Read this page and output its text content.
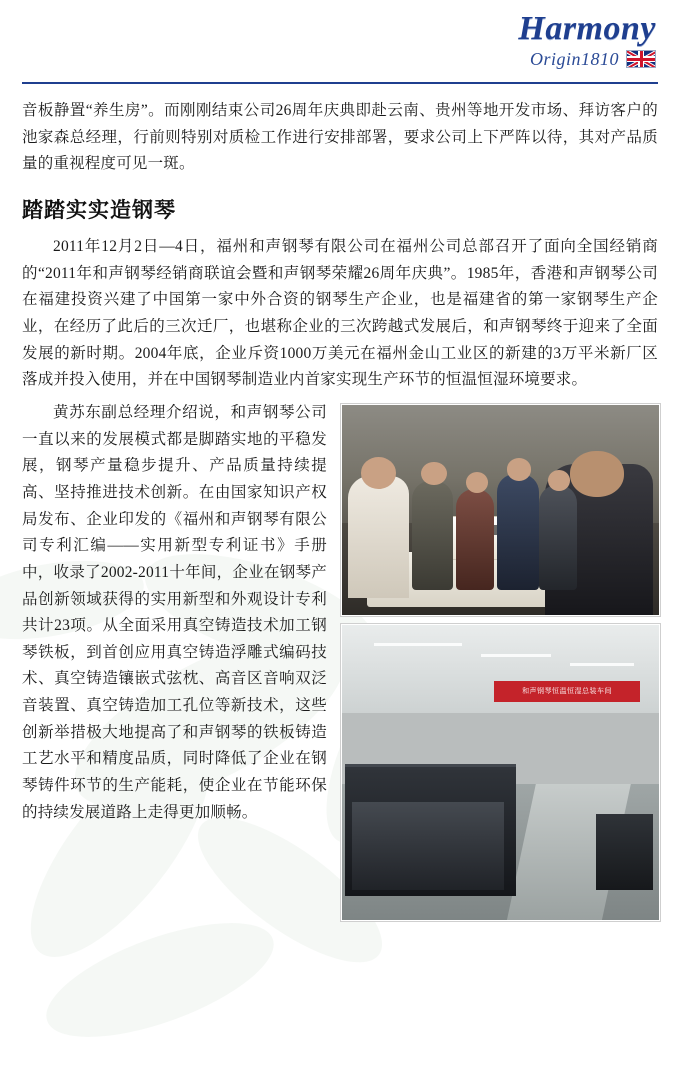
Harmony
Origin1810

音板静置“养生房”。而刚刚结束公司26周年庆典即赴云南、贵州等地开发市场、拜访客户的池家森总经理，行前则特别对质检工作进行安排部署，要求公司上下严阵以待，其对产品质量的重视程度可见一斑。

踏踏实实造钢琴

2011年12月2日—4日，福州和声钢琴有限公司在福州公司总部召开了面向全国经销商的“2011年和声钢琴经销商联谊会暨和声钢琴荣耀26周年庆典”。1985年，香港和声钢琴公司在福建投资兴建了中国第一家中外合资的钢琴生产企业，也是福建省的第一家钢琴生产企业，在经历了此后的三次迁厂，也堪称企业的三次跨越式发展后，和声钢琴终于迎来了全面发展的新时期。2004年底，企业斥资1000万美元在福州金山工业区的新建的3万平米新厂区落成并投入使用，并在中国钢琴制造业内首家实现生产环节的恒温恒湿环境要求。

和声钢琴恒温恒湿总装车间

黄苏东副总经理介绍说，和声钢琴公司一直以来的发展模式都是脚踏实地的平稳发展，钢琴产量稳步提升、产品质量持续提高、坚持推进技术创新。在由国家知识产权局发布、企业印发的《福州和声钢琴有限公司专利汇编——实用新型专利证书》手册中，收录了2002-2011十年间，企业在钢琴产品创新领域获得的实用新型和外观设计专利共计23项。从全面采用真空铸造技术加工钢琴铁板，到首创应用真空铸造浮雕式编码技术、真空铸造镶嵌式弦枕、高音区音响双泛音装置、真空铸造加工孔位等新技术，这些创新举措极大地提高了和声钢琴的铁板铸造工艺水平和精度品质，同时降低了企业在钢琴铸件环节的生产能耗，使企业在节能环保的持续发展道路上走得更加顺畅。
